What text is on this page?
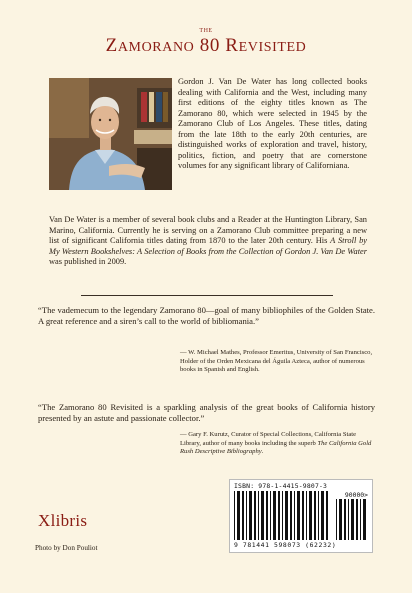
THE
ZAMORANO 80 REVISITED

Gordon J. Van De Water has long collected books dealing with California and the West, including many first editions of the eighty titles known as The Zamorano 80, which were selected in 1945 by the Zamorano Club of Los Angeles. These titles, dating from the late 18th to the early 20th centuries, are distinguished works of exploration and travel, history, politics, fiction, and poetry that are cornerstone volumes for any significant library of Californiana.

Van De Water is a member of several book clubs and a Reader at the Huntington Library, San Marino, California. Currently he is serving on a Zamorano Club committee preparing a new list of significant California titles dating from 1870 to the later 20th century. His A Stroll by My Western Bookshelves: A Selection of Books from the Collection of Gordon J. Van De Water was published in 2009.

“The vademecum to the legendary Zamorano 80—goal of many bibliophiles of the Golden State. A great reference and a siren’s call to the world of bibliomania.”

— W. Michael Mathes, Professor Emeritus, University of San Francisco, Holder of the Orden Mexicana del Águila Azteca, author of numerous books in Spanish and English.

“The Zamorano 80 Revisited is a sparkling analysis of the great books of California history presented by an astute and passionate collector.”

— Gary F. Kurutz, Curator of Special Collections, California State Library, author of many books including the superb The California Gold Rush Descriptive Bibliography.

ISBN: 978-1-4415-9807-3
90000>
9 781441 598073 (62232)
Xlibris
Photo by Don Pouliot
